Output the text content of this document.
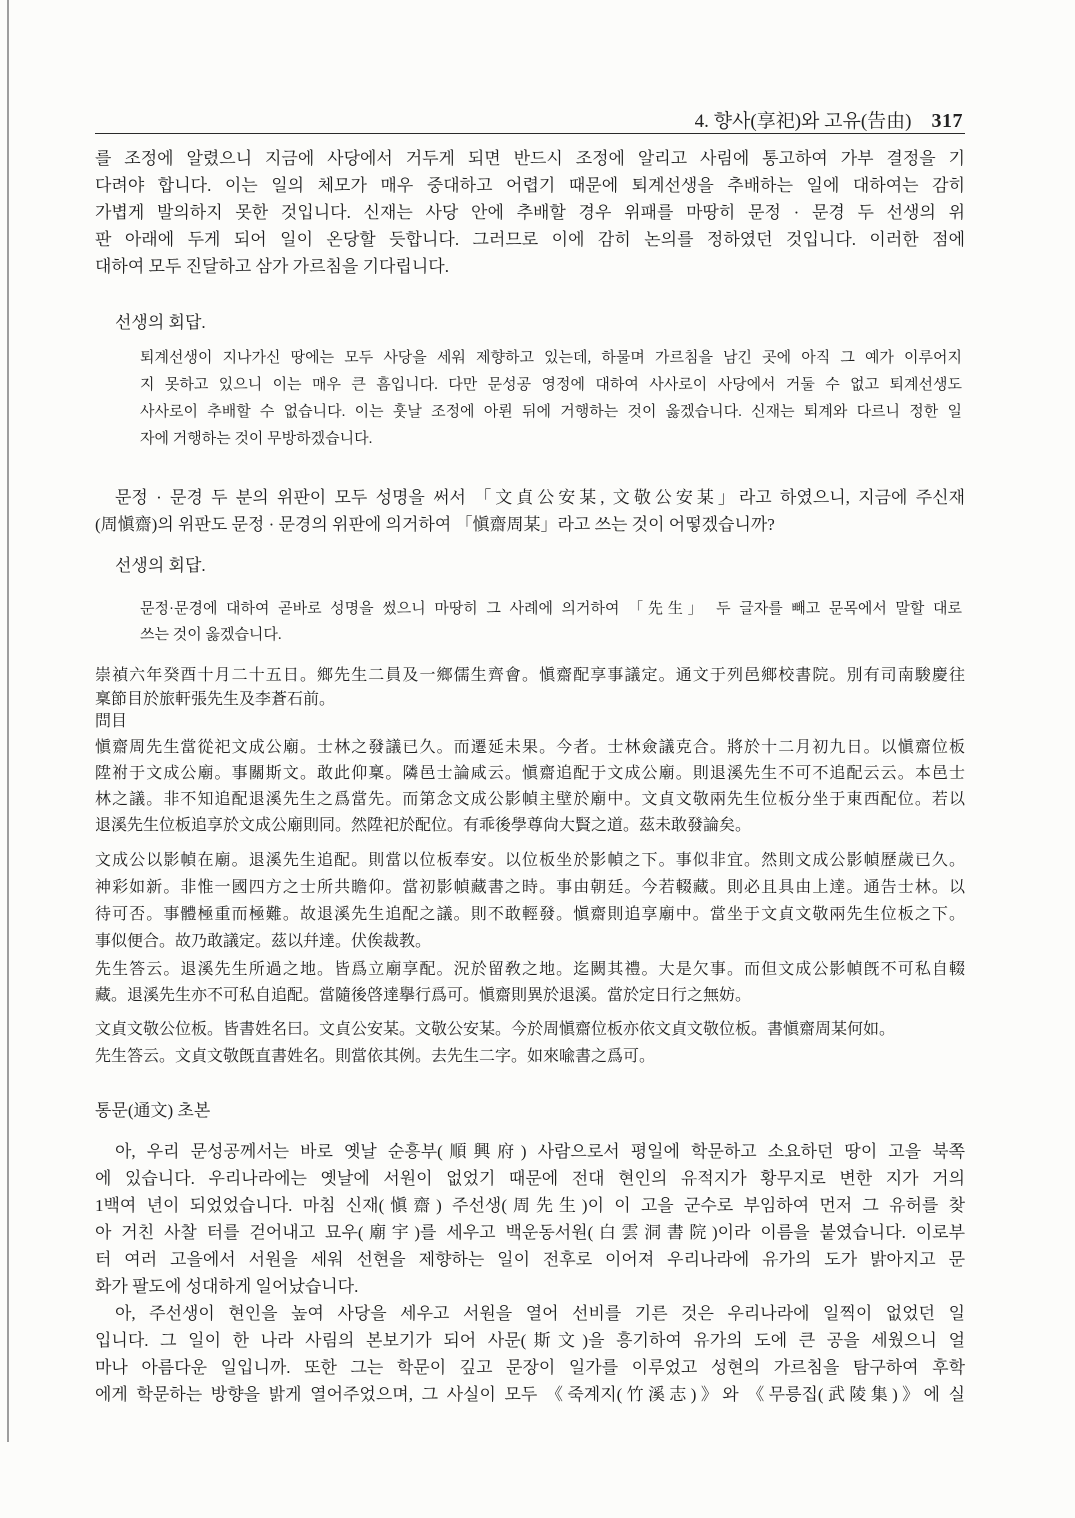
4. 향사(享祀)와 고유(告由) 317
를 조정에 알렸으니 지금에 사당에서 거두게 되면 반드시 조정에 알리고 사림에 통고하여 가부 결정을 기
다려야 합니다. 이는 일의 체모가 매우 중대하고 어렵기 때문에 퇴계선생을 추배하는 일에 대하여는 감히
가볍게 발의하지 못한 것입니다. 신재는 사당 안에 추배할 경우 위패를 마땅히 문정 · 문경 두 선생의 위
판 아래에 두게 되어 일이 온당할 듯합니다. 그러므로 이에 감히 논의를 정하였던 것입니다. 이러한 점에
대하여 모두 진달하고 삼가 가르침을 기다립니다.
선생의 회답.
퇴계선생이 지나가신 땅에는 모두 사당을 세워 제향하고 있는데, 하물며 가르침을 남긴 곳에 아직 그 예가 이루어지
지 못하고 있으니 이는 매우 큰 흠입니다. 다만 문성공 영정에 대하여 사사로이 사당에서 거둘 수 없고 퇴계선생도
사사로이 추배할 수 없습니다. 이는 훗날 조정에 아뢴 뒤에 거행하는 것이 옳겠습니다. 신재는 퇴계와 다르니 정한 일
자에 거행하는 것이 무방하겠습니다.
문정 · 문경 두 분의 위판이 모두 성명을 써서 「文貞公安某, 文敬公安某」라고 하였으니, 지금에 주신재
(周愼齋)의 위판도 문정 · 문경의 위판에 의거하여 「愼齋周某」라고 쓰는 것이 어떻겠습니까?
선생의 회답.
문정·문경에 대하여 곧바로 성명을 썼으니 마땅히 그 사례에 의거하여 「先生」 두 글자를 빼고 문목에서 말할 대로
쓰는 것이 옳겠습니다.
崇禎六年癸酉十月二十五日。鄉先生二員及一鄉儒生齊會。愼齋配享事議定。通文于列邑鄉校書院。別有司南駿慶往
稟節目於旅軒張先生及李蒼石前。
問目
愼齋周先生當從祀文成公廟。士林之發議已久。而遷延未果。今者。士林僉議克合。將於十二月初九日。以愼齋位板
陞祔于文成公廟。事關斯文。敢此仰稟。隣邑士論咸云。愼齋追配于文成公廟。則退溪先生不可不追配云云。本邑士
林之議。非不知追配退溪先生之爲當先。而第念文成公影幀主壁於廟中。文貞文敬兩先生位板分坐于東西配位。若以
退溪先生位板追享於文成公廟則同。然陞祀於配位。有乖後學尊尙大賢之道。茲未敢發論矣。
文成公以影幀在廟。退溪先生追配。則當以位板奉安。以位板坐於影幀之下。事似非宜。然則文成公影幀歷歲已久。
神彩如新。非惟一國四方之士所共瞻仰。當初影幀藏書之時。事由朝廷。今若輟藏。則必且具由上達。通告士林。以
待可否。事體極重而極難。故退溪先生追配之議。則不敢輕發。愼齋則追享廟中。當坐于文貞文敬兩先生位板之下。
事似便合。故乃敢議定。茲以幷達。伏俟裁教。
先生答云。退溪先生所過之地。皆爲立廟享配。況於留敎之地。迄闕其禮。大是欠事。而但文成公影幀旣不可私自輟
藏。退溪先生亦不可私自追配。當隨後啓達擧行爲可。愼齋則異於退溪。當於定日行之無妨。
文貞文敬公位板。皆書姓名曰。文貞公安某。文敬公安某。今於周愼齋位板亦依文貞文敬位板。書愼齋周某何如。
先生答云。文貞文敬旣直書姓名。則當依其例。去先生二字。如來喩書之爲可。
통문(通文) 초본
아, 우리 문성공께서는 바로 옛날 순흥부(順興府) 사람으로서 평일에 학문하고 소요하던 땅이 고을 북쪽
에 있습니다. 우리나라에는 옛날에 서원이 없었기 때문에 전대 현인의 유적지가 황무지로 변한 지가 거의
1백여 년이 되었었습니다. 마침 신재(愼齋) 주선생(周先生)이 이 고을 군수로 부임하여 먼저 그 유허를 찾
아 거친 사찰 터를 걷어내고 묘우(廟宇)를 세우고 백운동서원(白雲洞書院)이라 이름을 붙였습니다. 이로부
터 여러 고을에서 서원을 세워 선현을 제향하는 일이 전후로 이어져 우리나라에 유가의 도가 밝아지고 문
화가 팔도에 성대하게 일어났습니다.
아, 주선생이 현인을 높여 사당을 세우고 서원을 열어 선비를 기른 것은 우리나라에 일찍이 없었던 일
입니다. 그 일이 한 나라 사림의 본보기가 되어 사문(斯文)을 흥기하여 유가의 도에 큰 공을 세웠으니 얼
마나 아름다운 일입니까. 또한 그는 학문이 깊고 문장이 일가를 이루었고 성현의 가르침을 탐구하여 후학
에게 학문하는 방향을 밝게 열어주었으며, 그 사실이 모두 《죽계지(竹溪志)》와 《무릉집(武陵集)》에 실
